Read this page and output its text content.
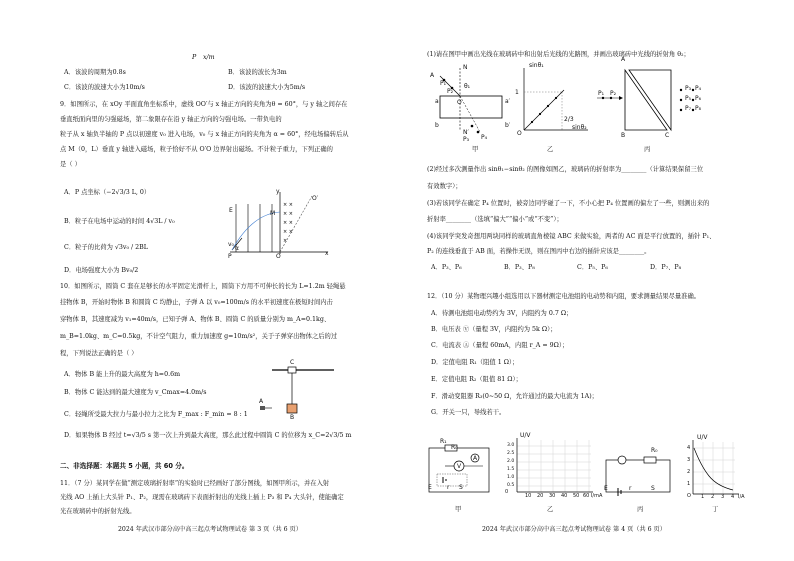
P x/m
A．该波的周期为0.8s	B．该波的波长为3m
C．该波的波速大小为10m/s	D．该波的波速大小为5m/s
9．如图所示，在 xOy 平面直角坐标系中，虚线 OO′与 x 轴正方向的夹角为θ = 60°，与 y 轴之间存在
垂直纸面向里的匀强磁场，第二象限存在沿 y 轴正方向的匀强电场。一带负电的
粒子从 x 轴负半轴的 P 点以初速度 v₀ 进入电场，v₀ 与 x 轴正方向的夹角为 α = 60°，经电场偏转后从
点 M（0，L）垂直 y 轴进入磁场，粒子恰好不从 O′O 边界射出磁场。不计粒子重力，下列正确的
是（ ）
A．P 点坐标（−2√3/3 L, 0）
B．粒子在电场中运动的时间 4√3L / v₀
C．粒子的比荷为 √3v₀ / 2BL
D．电场强度大小为 Bv₀/2
× ×
× ×
× ×
× ×
×
E
y
M
v₀
α
P	O
O′
x
10．如图所示，圆筒 C 套在足够长的水平固定光滑杆上，圆筒下方用不可伸长的长为 L=1.2m 轻绳悬
挂物体 B，开始时物体 B 和圆筒 C 均静止，子弹 A 以 v₀=100m/s 的水平初速度在极短时间内击
穿物体 B，其速度减为 v₁=40m/s，已知子弹 A、物体 B、圆筒 C 的质量分别为 m_A=0.1kg、
m_B=1.0kg、m_C=0.5kg，不计空气阻力，重力加速度 g=10m/s²，关于子弹穿出物体之后的过
程，下列说法正确的是（ ）
A．物体 B 能上升的最大高度为 h=0.6m
B．物体 C 能达到的最大速度为 v_Cmax=4.0m/s
C．轻绳所受最大拉力与最小拉力之比为 F_max : F_min = 8 : 1
D．如果物体 B 经过 t=√3/5 s 第一次上升到最大高度，那么此过程中圆筒 C 的位移为 x_C=2√3/5 m
C
A
B
二、非选择题：本题共 5 小题，共 60 分。
11．（7 分）某同学在做“测定玻璃折射率”的实验时已经画好了部分图线，如图甲所示，并在入射
光线 AO 上插上大头针 P₁、P₂，现需在玻璃砖下表面折射出的光线上插上 P₃ 和 P₄ 大头针，使能确定
光在玻璃砖中的折射光线。
2024 年武汉市部分高中高三起点考试物理试卷 第 3 页（共 6 页）
(1)请在图甲中画出光线在玻璃砖中和出射后光线的光路图，并画出玻璃砖中光线的折射角 θ₂；
A
P₁
N
P₂
θ₁
O
a	a′
b	b′
N′
P₃ P₄
sinθ₁
1
O
2/3
sinθ₂
P₁ P₂
A
B	C
P₃ P₄
P₅ P₆
P₇ P₈
甲	乙	丙
(2)经过多次测量作出 sinθ₁−sinθ₂ 的图像如图乙，玻璃砖的折射率为________（计算结果保留三位
有效数字）；
(3)若该同学在确定 P₄ 位置时，被旁边同学碰了一下，不小心把 P₄ 位置画的偏左了一些，则测出来的
折射率________（选填“偏大”“偏小”或“不变”）；
(4)该同学突发奇想用两块同样的玻璃直角棱镜 ABC 来做实验，两者的 AC 面是平行放置的，插针 P₁、
P₂ 的连线垂直于 AB 面，若操作无误，则在图丙中右边的插针应该是________。
A．P₃、P₆	B．P₃、P₈	C．P₅、P₆	D．P₇、P₈
12．（10 分）某物理兴趣小组选用以下器材测定电池组的电动势和内阻，要求测量结果尽量准确。
A．待测电池组电动势约为 3V，内阻约为 0.7 Ω；
B．电压表 Ⓥ（量程 3V，内阻约为 5k Ω）；
C．电流表 Ⓐ（量程 60mA，内阻 r_A = 9Ω）；
D．定值电阻 R₁（阻值 1 Ω）；
E．定值电阻 R₂（阻值 81 Ω）；
F．滑动变阻器 R₃(0~50 Ω，允许通过的最大电流为 1A)；
G．开关一只，导线若干。
R₁
R₀
V
A
E	r S
U/V
0
10 20 30 40 50 60 I/mA
3.0
2.5
2.0
1.5
1.0
0.5
R₀
E	r	S
U/V
4
3
2
1
O 1 2 3 4 I/A
甲	乙	丙	丁
2024 年武汉市部分高中高三起点考试物理试卷 第 4 页（共 6 页）
